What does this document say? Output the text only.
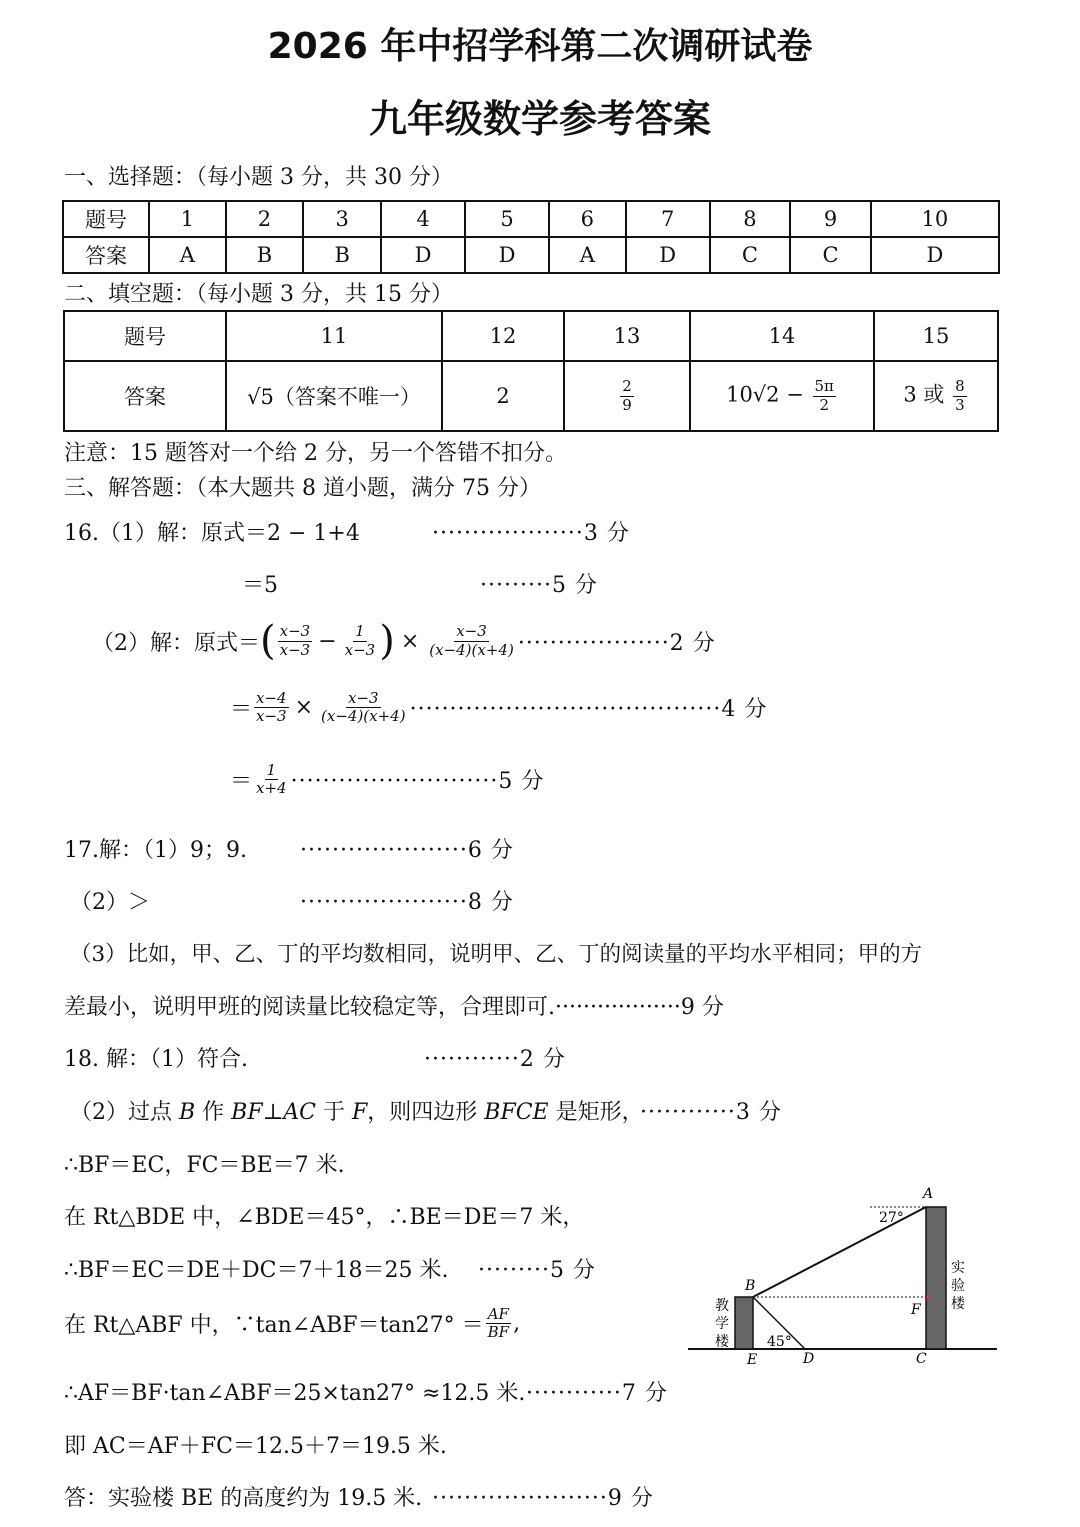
2026 年中招学科第二次调研试卷
九年级数学参考答案
一、选择题：（每小题 3 分，共 30 分）
题号	1	2	3	4	5	6	7	8	9	10
答案	A	B	B	D	D	A	D	C	C	D
二、填空题：（每小题 3 分，共 15 分）
题号	11	12	13	14	15
答案	√5（答案不唯一）	2	$\frac{2}{9}$	$10√2 - \frac{5\pi}{2}$	3 或 $\frac{8}{3}$
注意：15 题答对一个给 2 分，另一个答错不扣分。
三、解答题：（本大题共 8 道小题，满分 75 分）
16.（1）解：原式＝2 − 1+4	···················3 分
＝5	·········5 分
（2）解：原式＝ ( $\frac{x-3}{x-3} - \frac{1}{x-3}$ ) × $\frac{x-3}{(x-4)(x+4)} \cdot\cdot\cdot\cdot\cdot\cdot\cdot\cdot\cdot\cdot\cdot\cdot\cdot\cdot\cdot\cdot\cdot\cdot\cdot 2$ 分
＝ $\frac{x-4}{x-3} \times \frac{x-3}{(x-4)(x+4)} \cdot\cdot\cdot\cdot\cdot\cdot\cdot\cdot\cdot\cdot\cdot\cdot\cdot\cdot\cdot\cdot\cdot\cdot\cdot\cdot\cdot\cdot\cdot\cdot\cdot\cdot\cdot\cdot\cdot\cdot\cdot\cdot\cdot\cdot\cdot\cdot\cdot\cdot\cdot 4$ 分
＝ $\frac{1}{x+4} \cdot\cdot\cdot\cdot\cdot\cdot\cdot\cdot\cdot\cdot\cdot\cdot\cdot\cdot\cdot\cdot\cdot\cdot\cdot\cdot\cdot\cdot\cdot\cdot\cdot\cdot 5$ 分
17.解：（1）9；9. ·····················6 分
（2）＞	·····················8 分
（3）比如，甲、乙、丁的平均数相同，说明甲、乙、丁的阅读量的平均水平相同；甲的方
差最小，说明甲班的阅读量比较稳定等，合理即可.··················9 分
18. 解：（1）符合.	············2 分
（2）过点 B 作 BF⊥AC 于 F，则四边形 BFCE 是矩形，
············3 分
∴BF＝EC，FC＝BE＝7 米.
在 Rt△BDE 中，∠BDE＝45°，∴BE＝DE＝7 米，
∴BF＝EC＝DE＋DC＝7＋18＝25 米. ·········5 分
在 Rt△ABF 中，∵tan∠ABF＝tan27° ＝ $\frac{AF}{BF}$ ,
∴AF＝BF·tan∠ABF＝25×tan27° ≈12.5 米. ············7 分
即 AC＝AF＋FC＝12.5＋7＝19.5 米.
答：实验楼 BE 的高度约为 19.5 米. ······················9 分
A
B
C
D
E
F
27°
45°
教
学
楼
实
验
楼
